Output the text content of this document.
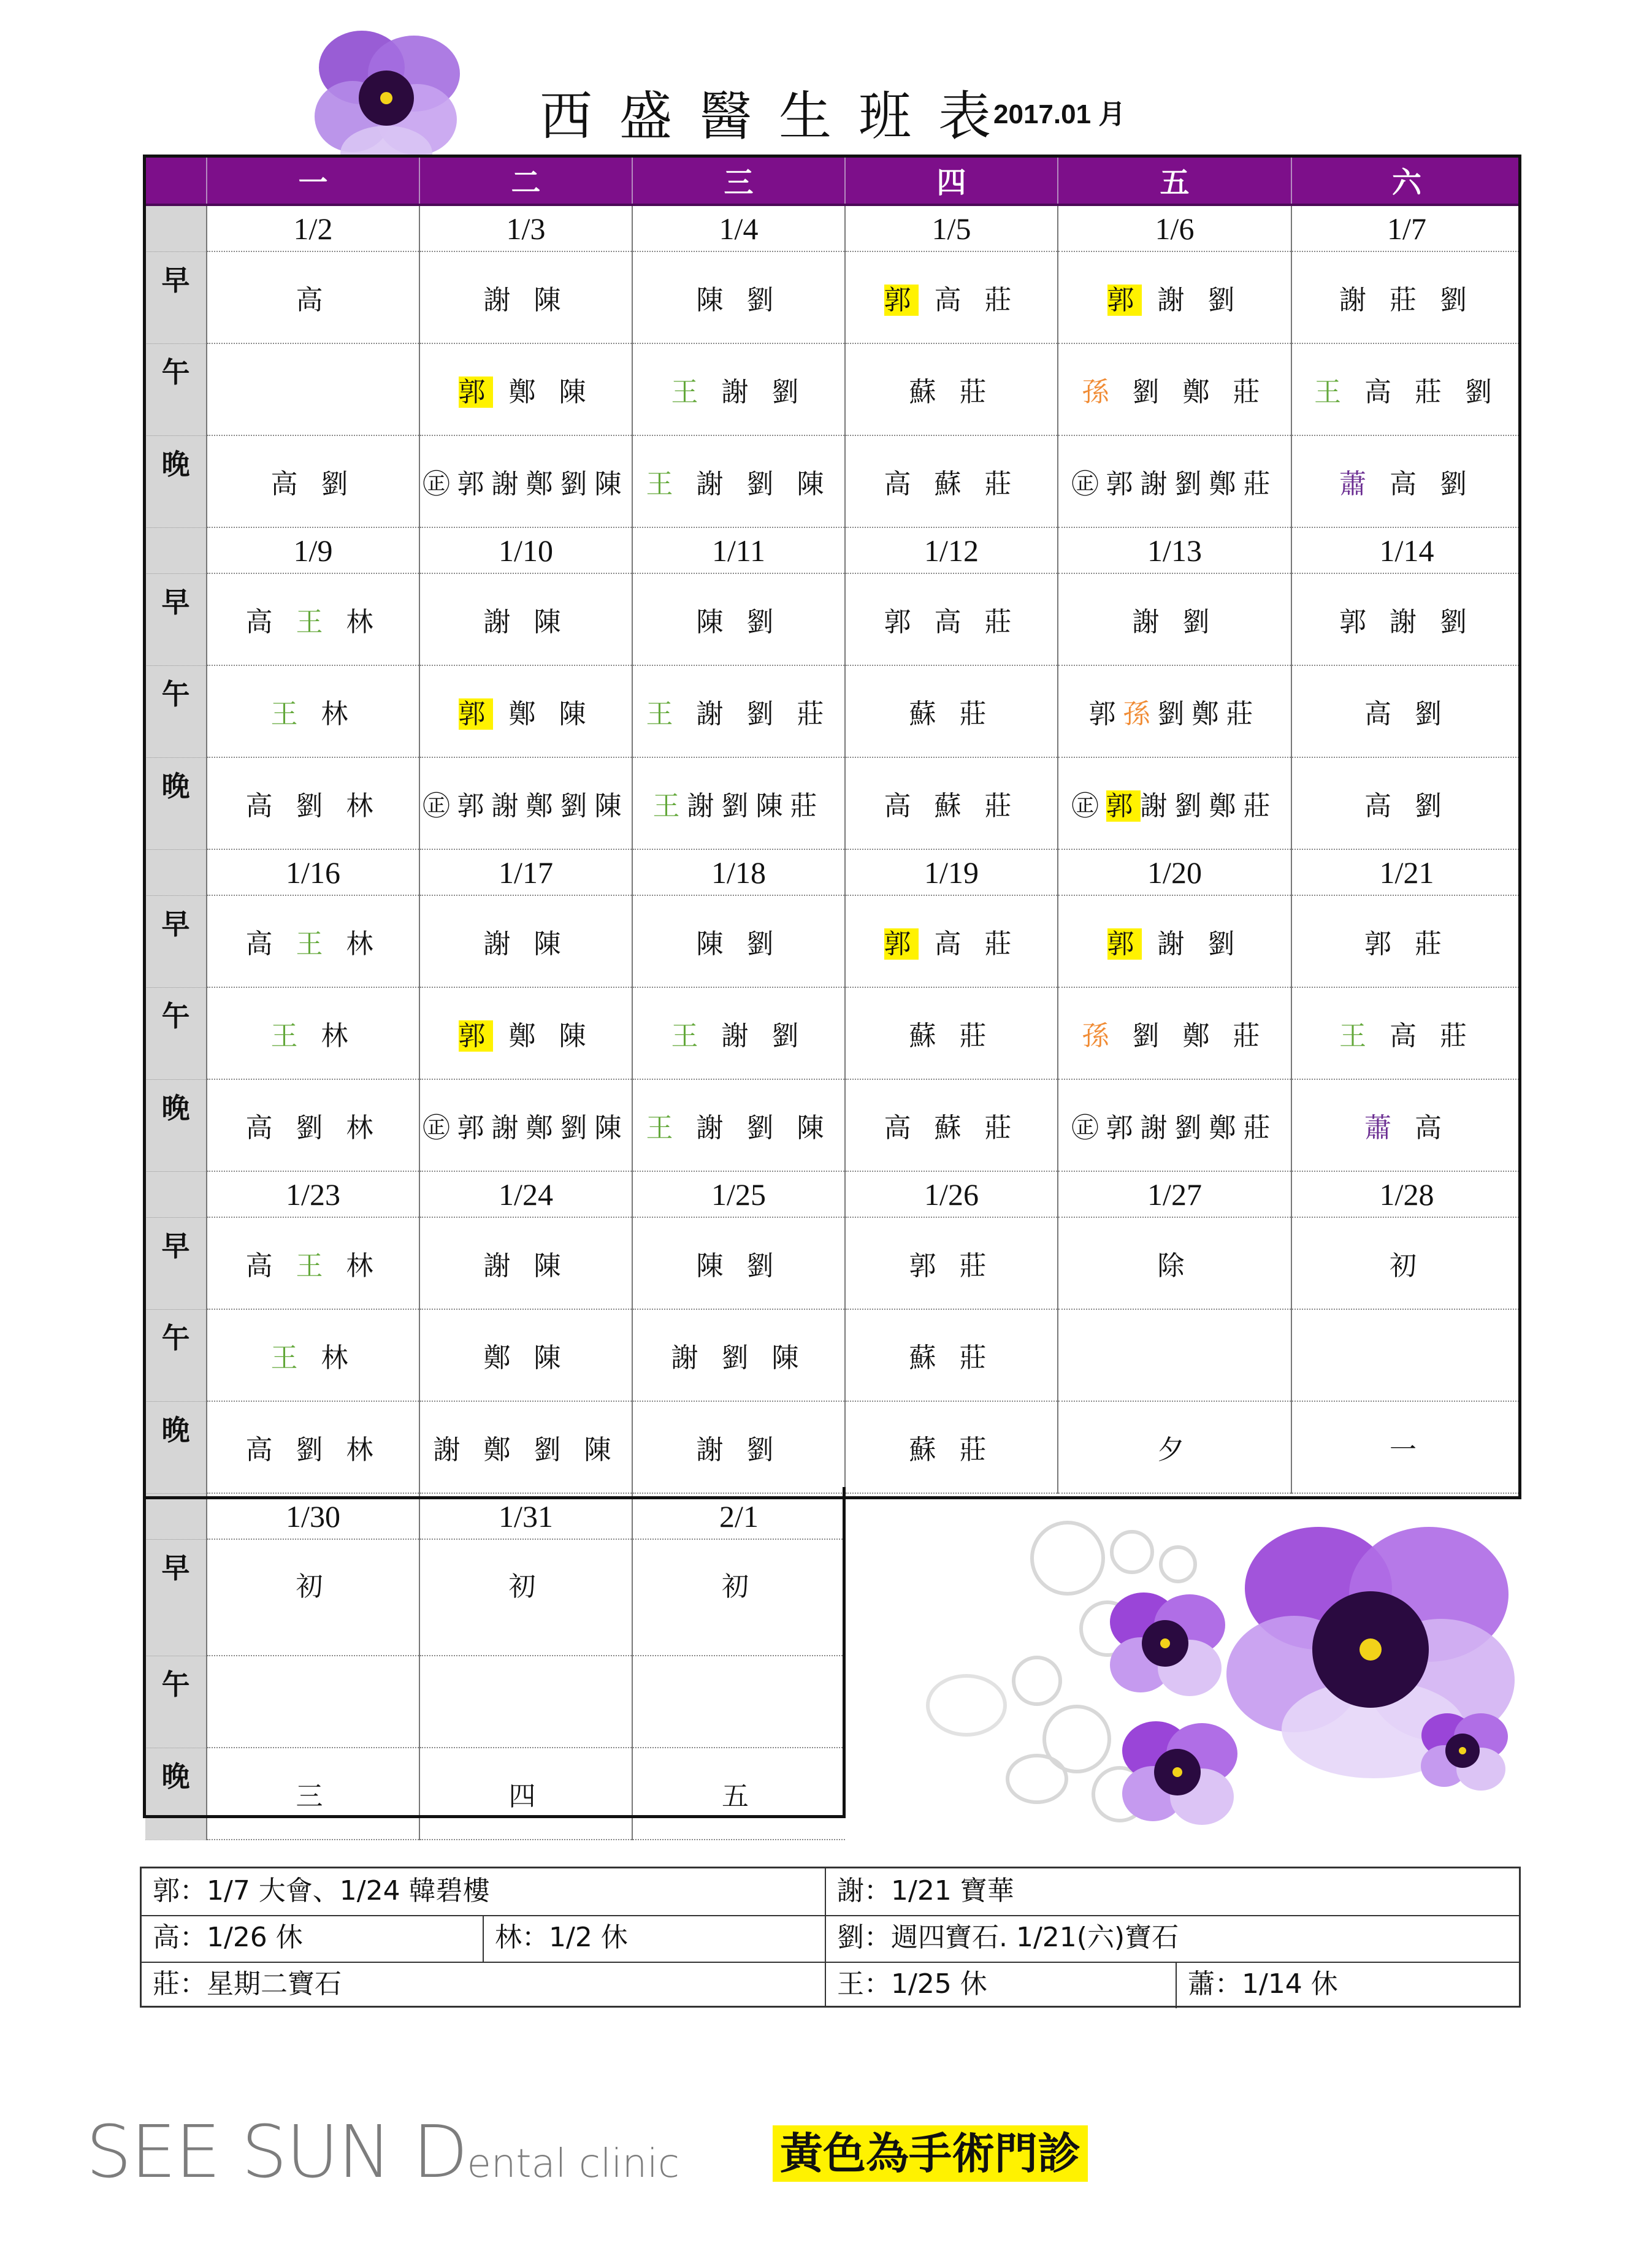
西盛醫生班表
2017.01 月
	一	二	三	四	五	六
	1/2	1/3	1/4	1/5	1/6	1/7
早	高	謝 陳	陳 劉	郭 高 莊	郭 謝 劉	謝 莊 劉
午		郭 鄭 陳	王 謝 劉	蘇 莊	孫 劉 鄭 莊	王 高 莊 劉
晚	高 劉	㊣郭謝鄭劉陳	王 謝 劉 陳	高 蘇 莊	㊣郭謝劉鄭莊	蕭 高 劉
	1/9	1/10	1/11	1/12	1/13	1/14
早	高 王 林	謝 陳	陳 劉	郭 高 莊	謝 劉	郭 謝 劉
午	王 林	郭 鄭 陳	王 謝 劉 莊	蘇 莊	郭孫劉鄭莊	高 劉
晚	高 劉 林	㊣郭謝鄭劉陳	王謝劉陳莊	高 蘇 莊	㊣郭謝劉鄭莊	高 劉
	1/16	1/17	1/18	1/19	1/20	1/21
早	高 王 林	謝 陳	陳 劉	郭 高 莊	郭 謝 劉	郭 莊
午	王 林	郭 鄭 陳	王 謝 劉	蘇 莊	孫 劉 鄭 莊	王 高 莊
晚	高 劉 林	㊣郭謝鄭劉陳	王 謝 劉 陳	高 蘇 莊	㊣郭謝劉鄭莊	蕭 高
	1/23	1/24	1/25	1/26	1/27	1/28
早	高 王 林	謝 陳	陳 劉	郭 莊	除	初
午	王 林	鄭 陳	謝 劉 陳	蘇 莊		
晚	高 劉 林	謝 鄭 劉 陳	謝 劉	蘇 莊	夕	一
	1/30	1/31	2/1			
早	初	初	初			
午						
晚	三	四	五			
郭：1/7 大會、1/24 韓碧樓	謝：1/21 寶華
高：1/26 休	林：1/2 休	劉：週四寶石. 1/21(六)寶石
莊：星期二寶石	王：1/25 休	蕭：1/14 休
SEE SUN Dental clinic 黃色為手術門診
